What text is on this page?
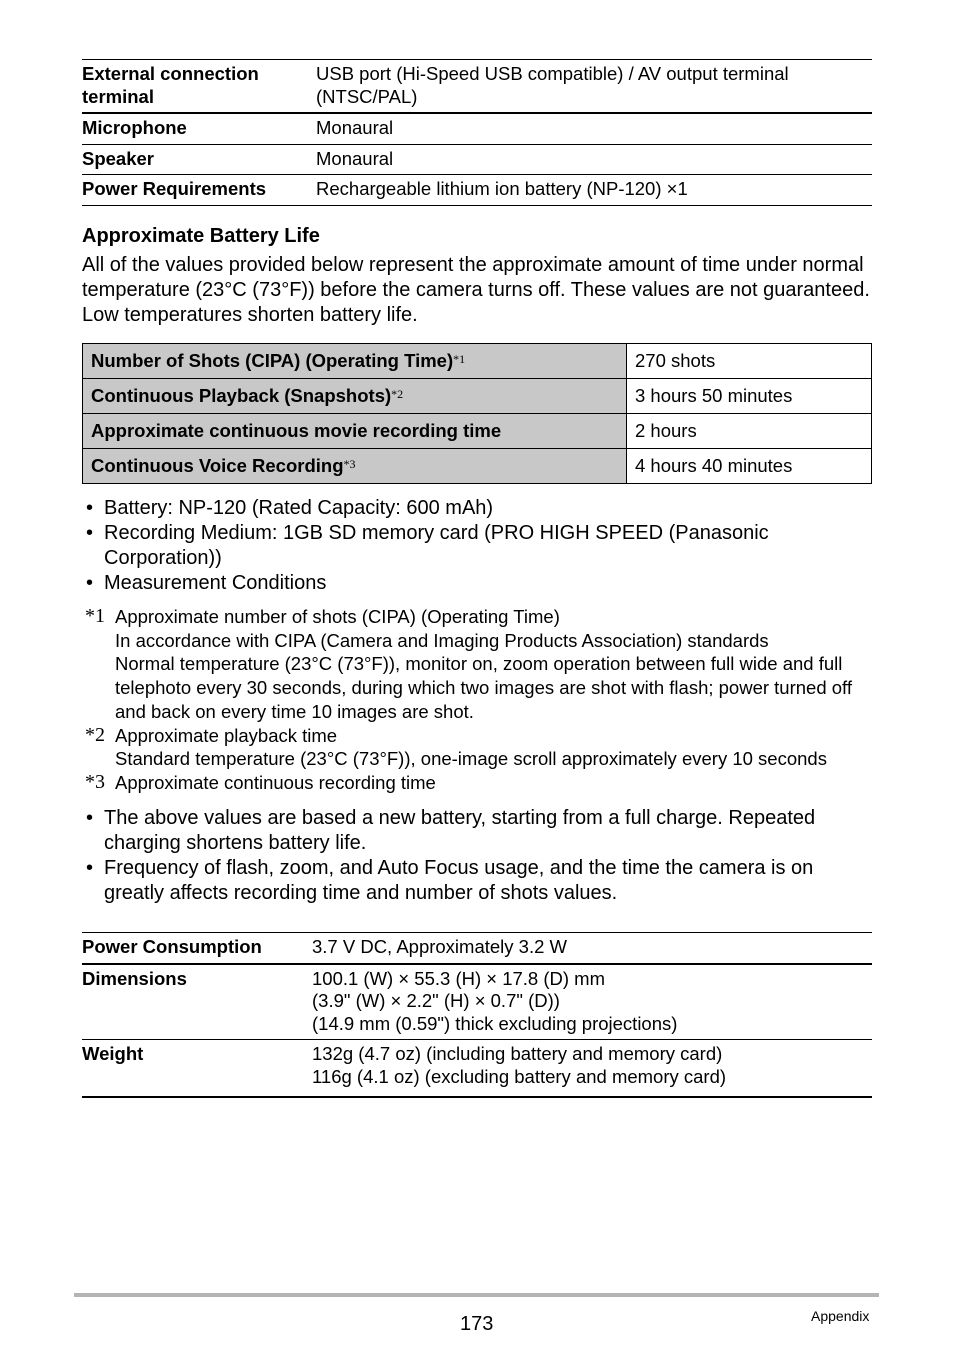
External connection terminal	USB port (Hi-Speed USB compatible) / AV output terminal (NTSC/PAL)
Microphone	Monaural
Speaker	Monaural
Power Requirements	Rechargeable lithium ion battery (NP-120) ×1
Approximate Battery Life

All of the values provided below represent the approximate amount of time under normal temperature (23°C (73°F)) before the camera turns off. These values are not guaranteed. Low temperatures shorten battery life.

Number of Shots (CIPA) (Operating Time)$^{*1}$	270 shots
Continuous Playback (Snapshots)$^{*2}$	3 hours 50 minutes
Approximate continuous movie recording time	2 hours
Continuous Voice Recording$^{*3}$	4 hours 40 minutes
• Battery: NP-120 (Rated Capacity: 600 mAh)
• Recording Medium: 1GB SD memory card (PRO HIGH SPEED (Panasonic Corporation))
• Measurement Conditions
*1 Approximate number of shots (CIPA) (Operating Time)
In accordance with CIPA (Camera and Imaging Products Association) standards
Normal temperature (23°C (73°F)), monitor on, zoom operation between full wide and full telephoto every 30 seconds, during which two images are shot with flash; power turned off and back on every time 10 images are shot.
*2 Approximate playback time
Standard temperature (23°C (73°F)), one-image scroll approximately every 10 seconds
*3 Approximate continuous recording time
• The above values are based a new battery, starting from a full charge. Repeated charging shortens battery life.
• Frequency of flash, zoom, and Auto Focus usage, and the time the camera is on greatly affects recording time and number of shots values.
Power Consumption	3.7 V DC, Approximately 3.2 W
Dimensions	100.1 (W) × 55.3 (H) × 17.8 (D) mm
(3.9" (W) × 2.2" (H) × 0.7" (D))
(14.9 mm (0.59") thick excluding projections)

Weight	132g (4.7 oz) (including battery and memory card)
116g (4.1 oz) (excluding battery and memory card)
173	Appendix
